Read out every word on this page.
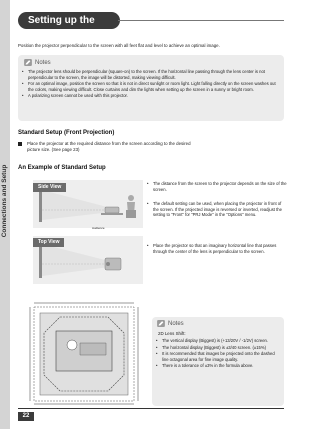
Connections and Setup
Setting up the Screen
Position the projector perpendicular to the screen with all feet flat and level to achieve an optimal image.
Notes
• The projector lens should be perpendicular (square-on) to the screen. If the horizontal line passing through the lens center is not perpendicular to the screen, the image will be distorted, making viewing difficult.
• For an optimal image, position the screen so that it is not in direct sunlight or room light. Light falling directly on the screen washes out the colors, making viewing difficult. Close curtains and dim the lights when setting up the screen in a sunny or bright room.
• A polarizing screen cannot be used with this projector.
Standard Setup (Front Projection)
Place the projector at the required distance from the screen according to the desired picture size. (See page 23)
An Example of Standard Setup
Side View
Audience
• The distance from the screen to the projector depends on the size of the screen.
• The default setting can be used, when placing the projector in front of the screen. If the projected image is reversed or inverted, readjust the setting to "Front" for "PRJ Mode" in the "Options" menu.
Top View
• Place the projector so that an imaginary horizontal line that passes through the center of the lens is perpendicular to the screen.
Notes
2D Lens Shift:
• The vertical display (Biggest) is (+13/20V / -1/2V) screen.
• The horizontal display (Biggest) is ±3/40 screen. (±15%)
• It is recommended that images be projected onto the dashed line octagonal area for fine image quality.
• There is a tolerance of ±3% in the formula above.
22
